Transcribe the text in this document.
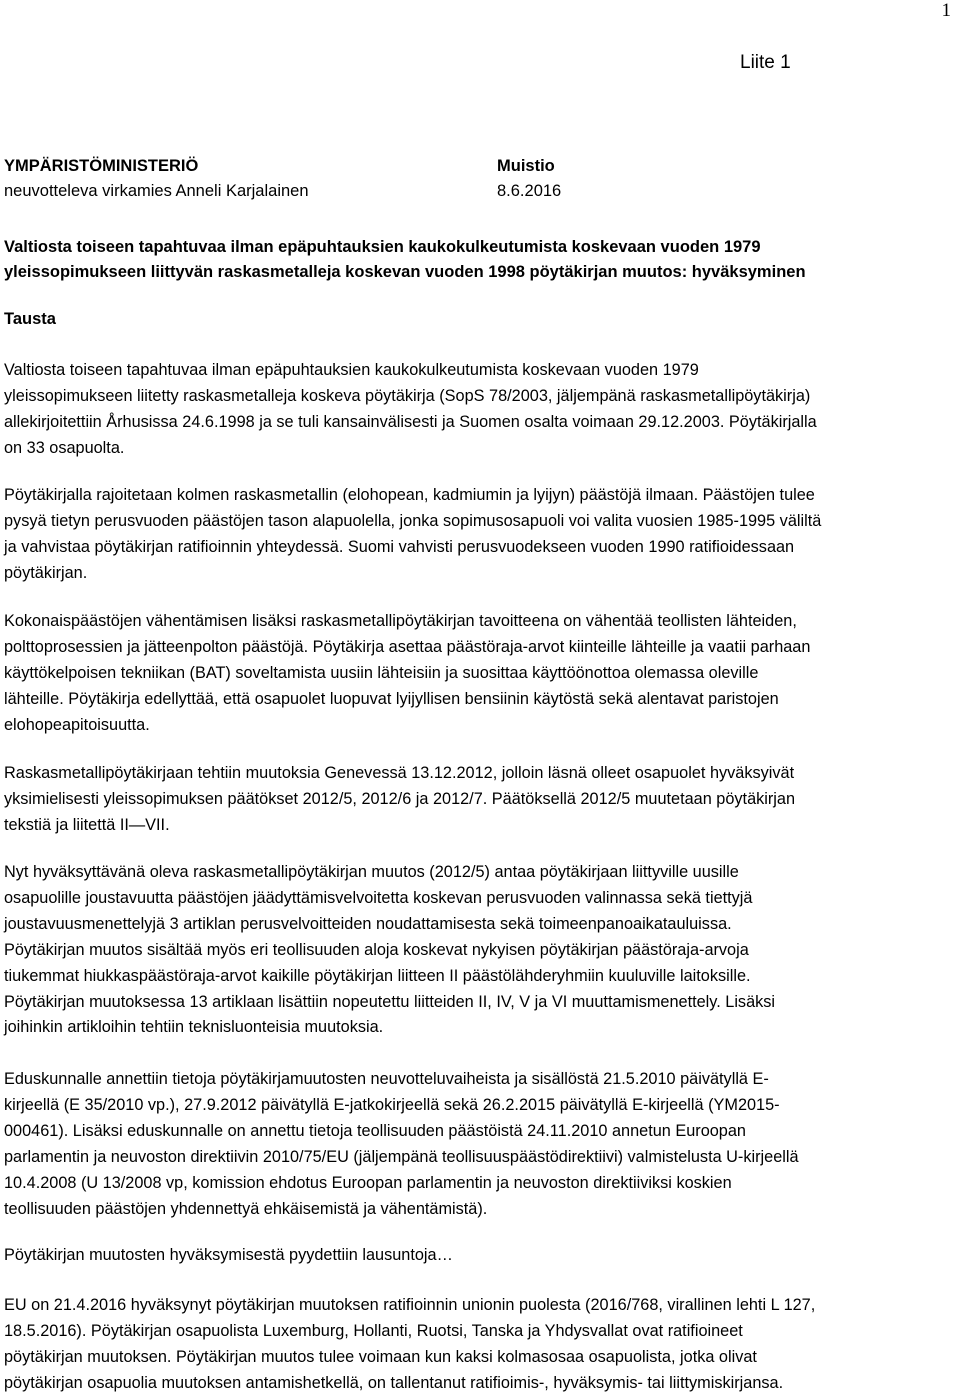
1
Liite 1
YMPÄRISTÖMINISTERIÖ	Muistio
neuvotteleva virkamies Anneli Karjalainen	8.6.2016
Valtiosta toiseen tapahtuvaa ilman epäpuhtauksien kaukokulkeutumista koskevaan vuoden 1979
yleissopimukseen liittyvän raskasmetalleja koskevan vuoden 1998 pöytäkirjan muutos: hyväksyminen
Tausta
Valtiosta toiseen tapahtuvaa ilman epäpuhtauksien kaukokulkeutumista koskevaan vuoden 1979
yleissopimukseen liitetty raskasmetalleja koskeva pöytäkirja (SopS 78/2003, jäljempänä raskasmetallipöytäkirja)
allekirjoitettiin Århusissa 24.6.1998 ja se tuli kansainvälisesti ja Suomen osalta voimaan 29.12.2003. Pöytäkirjalla
on 33 osapuolta.
Pöytäkirjalla rajoitetaan kolmen raskasmetallin (elohopean, kadmiumin ja lyijyn) päästöjä ilmaan. Päästöjen tulee
pysyä tietyn perusvuoden päästöjen tason alapuolella, jonka sopimusosapuoli voi valita vuosien 1985-1995 väliltä
ja vahvistaa pöytäkirjan ratifioinnin yhteydessä. Suomi vahvisti perusvuodekseen vuoden 1990 ratifioidessaan
pöytäkirjan.
Kokonaispäästöjen vähentämisen lisäksi raskasmetallipöytäkirjan tavoitteena on vähentää teollisten lähteiden,
polttoprosessien ja jätteenpolton päästöjä. Pöytäkirja asettaa päästöraja-arvot kiinteille lähteille ja vaatii parhaan
käyttökelpoisen tekniikan (BAT) soveltamista uusiin lähteisiin ja suosittaa käyttöönottoa olemassa oleville
lähteille. Pöytäkirja edellyttää, että osapuolet luopuvat lyijyllisen bensiinin käytöstä sekä alentavat paristojen
elohopeapitoisuutta.
Raskasmetallipöytäkirjaan tehtiin muutoksia Genevessä 13.12.2012, jolloin läsnä olleet osapuolet hyväksyivät
yksimielisesti yleissopimuksen päätökset 2012/5, 2012/6 ja 2012/7. Päätöksellä 2012/5 muutetaan pöytäkirjan
tekstiä ja liitettä II—VII.
Nyt hyväksyttävänä oleva raskasmetallipöytäkirjan muutos (2012/5) antaa pöytäkirjaan liittyville uusille
osapuolille joustavuutta päästöjen jäädyttämisvelvoitetta koskevan perusvuoden valinnassa sekä tiettyjä
joustavuusmenettelyjä 3 artiklan perusvelvoitteiden noudattamisesta sekä toimeenpanoaikatauluissa.
Pöytäkirjan muutos sisältää myös eri teollisuuden aloja koskevat nykyisen pöytäkirjan päästöraja-arvoja
tiukemmat hiukkaspäästöraja-arvot kaikille pöytäkirjan liitteen II päästölähderyhmiin kuuluville laitoksille.
Pöytäkirjan muutoksessa 13 artiklaan lisättiin nopeutettu liitteiden II, IV, V ja VI muuttamismenettely. Lisäksi
joihinkin artikloihin tehtiin teknisluonteisia muutoksia.
Eduskunnalle annettiin tietoja pöytäkirjamuutosten neuvotteluvaiheista ja sisällöstä 21.5.2010 päivätyllä E-
kirjeellä (E 35/2010 vp.), 27.9.2012 päivätyllä E-jatkokirjeellä sekä 26.2.2015 päivätyllä E-kirjeellä (YM2015-
000461). Lisäksi eduskunnalle on annettu tietoja teollisuuden päästöistä 24.11.2010 annetun Euroopan
parlamentin ja neuvoston direktiivin 2010/75/EU (jäljempänä teollisuuspäästödirektiivi) valmistelusta U-kirjeellä
10.4.2008 (U 13/2008 vp, komission ehdotus Euroopan parlamentin ja neuvoston direktiiviksi koskien
teollisuuden päästöjen yhdennettyä ehkäisemistä ja vähentämistä).
Pöytäkirjan muutosten hyväksymisestä pyydettiin lausuntoja…
EU on 21.4.2016 hyväksynyt pöytäkirjan muutoksen ratifioinnin unionin puolesta (2016/768, virallinen lehti L 127,
18.5.2016). Pöytäkirjan osapuolista Luxemburg, Hollanti, Ruotsi, Tanska ja Yhdysvallat ovat ratifioineet
pöytäkirjan muutoksen. Pöytäkirjan muutos tulee voimaan kun kaksi kolmasosaa osapuolista, jotka olivat
pöytäkirjan osapuolia muutoksen antamishetkellä, on tallentanut ratifioimis-, hyväksymis- tai liittymiskirjansa.
